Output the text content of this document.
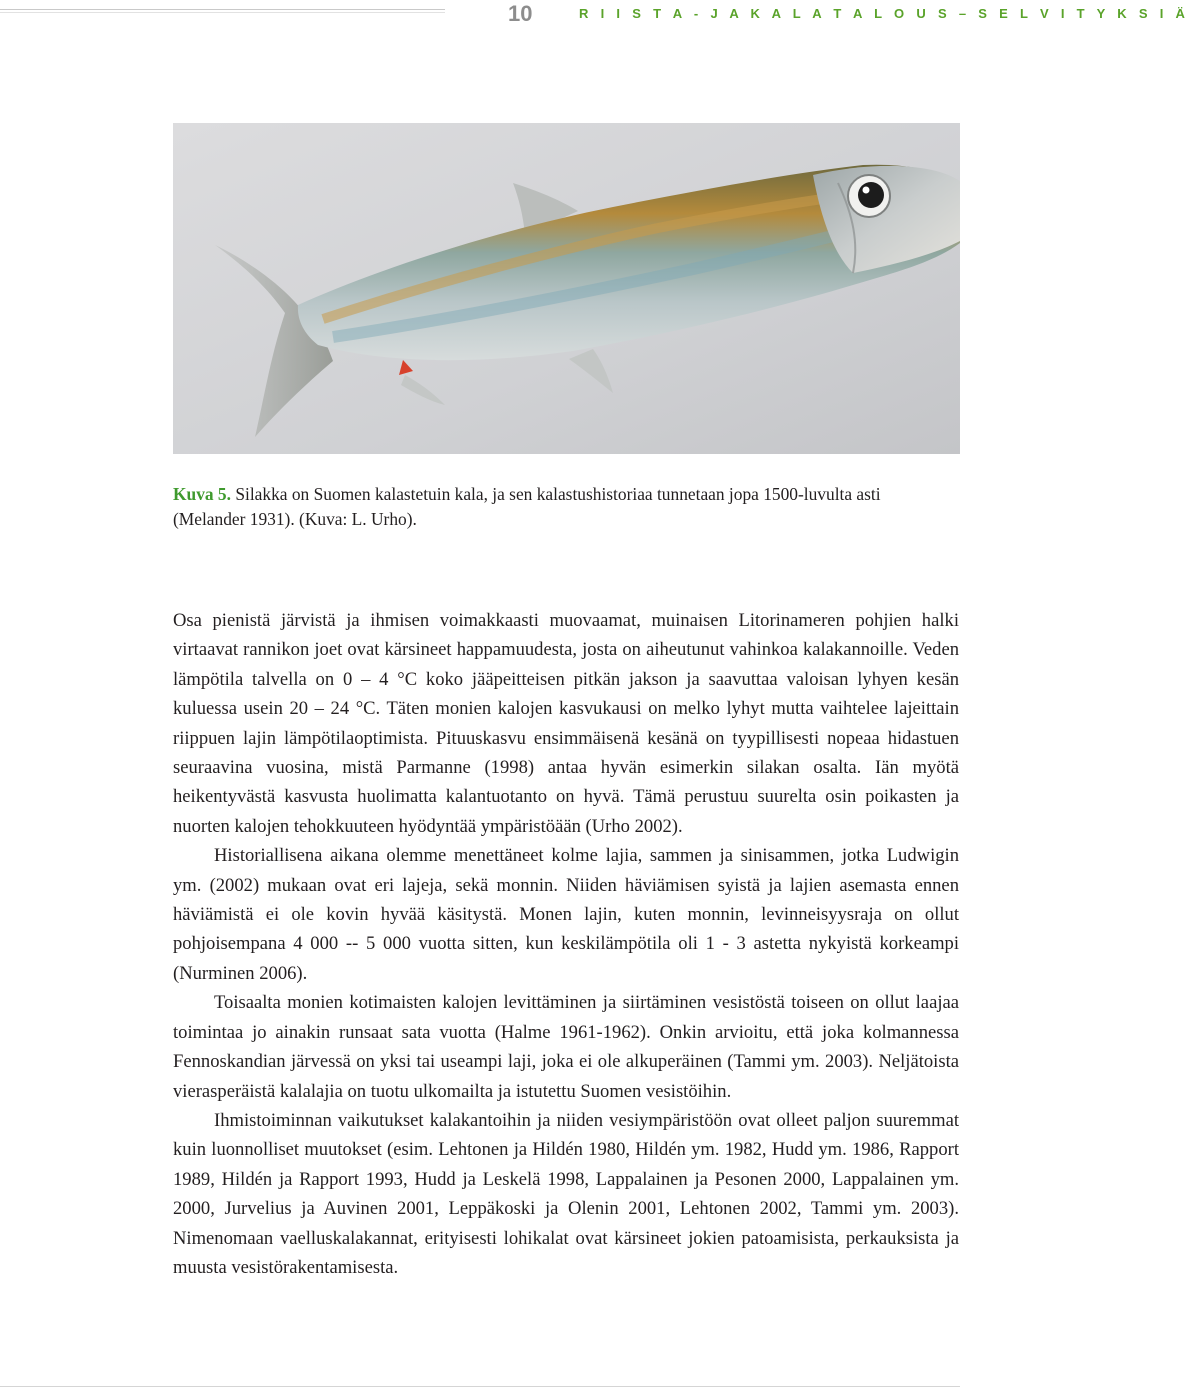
10	R I I S T A - J A K A L A T A L O U S – S E L V I T Y K S I Ä
Kuva 5. Silakka on Suomen kalastetuin kala, ja sen kalastushistoriaa tunnetaan jopa 1500-luvulta asti (Melander 1931). (Kuva: L. Urho).

Osa pienistä järvistä ja ihmisen voimakkaasti muovaamat, muinaisen Litorinameren pohjien halki virtaavat rannikon joet ovat kärsineet happamuudesta, josta on aiheutunut vahinkoa kalakannoille. Veden lämpötila talvella on 0 – 4 °C koko jääpeitteisen pitkän jakson ja saavuttaa valoisan lyhyen kesän kuluessa usein 20 – 24 °C. Täten monien kalojen kasvukausi on melko lyhyt mutta vaihtelee lajeittain riippuen lajin lämpötilaoptimista. Pituuskasvu ensimmäisenä kesänä on tyypillisesti nopeaa hidastuen seuraavina vuosina, mistä Parmanne (1998) antaa hyvän esimerkin silakan osalta. Iän myötä heikentyvästä kasvusta huolimatta kalantuotanto on hyvä. Tämä perustuu suurelta osin poikasten ja nuorten kalojen tehokkuuteen hyödyntää ympäristöään (Urho 2002).

Historiallisena aikana olemme menettäneet kolme lajia, sammen ja sinisammen, jotka Ludwigin ym. (2002) mukaan ovat eri lajeja, sekä monnin. Niiden häviämisen syistä ja lajien asemasta ennen häviämistä ei ole kovin hyvää käsitystä. Monen lajin, kuten monnin, levinneisyysraja on ollut pohjoisempana 4 000 -- 5 000 vuotta sitten, kun keskilämpötila oli 1 - 3 astetta nykyistä korkeampi (Nurminen 2006).

Toisaalta monien kotimaisten kalojen levittäminen ja siirtäminen vesistöstä toiseen on ollut laajaa toimintaa jo ainakin runsaat sata vuotta (Halme 1961-1962). Onkin arvioitu, että joka kolmannessa Fennoskandian järvessä on yksi tai useampi laji, joka ei ole alkuperäinen (Tammi ym. 2003). Neljätoista vierasperäistä kalalajia on tuotu ulkomailta ja istutettu Suomen vesistöihin.

Ihmistoiminnan vaikutukset kalakantoihin ja niiden vesiympäristöön ovat olleet paljon suuremmat kuin luonnolliset muutokset (esim. Lehtonen ja Hildén 1980, Hildén ym. 1982, Hudd ym. 1986, Rapport 1989, Hildén ja Rapport 1993, Hudd ja Leskelä 1998, Lappalainen ja Pesonen 2000, Lappalainen ym. 2000, Jurvelius ja Auvinen 2001, Leppäkoski ja Olenin 2001, Lehtonen 2002, Tammi ym. 2003). Nimenomaan vaelluskalakannat, erityisesti lohikalat ovat kärsineet jokien patoamisista, perkauksista ja muusta vesistörakentamisesta.
